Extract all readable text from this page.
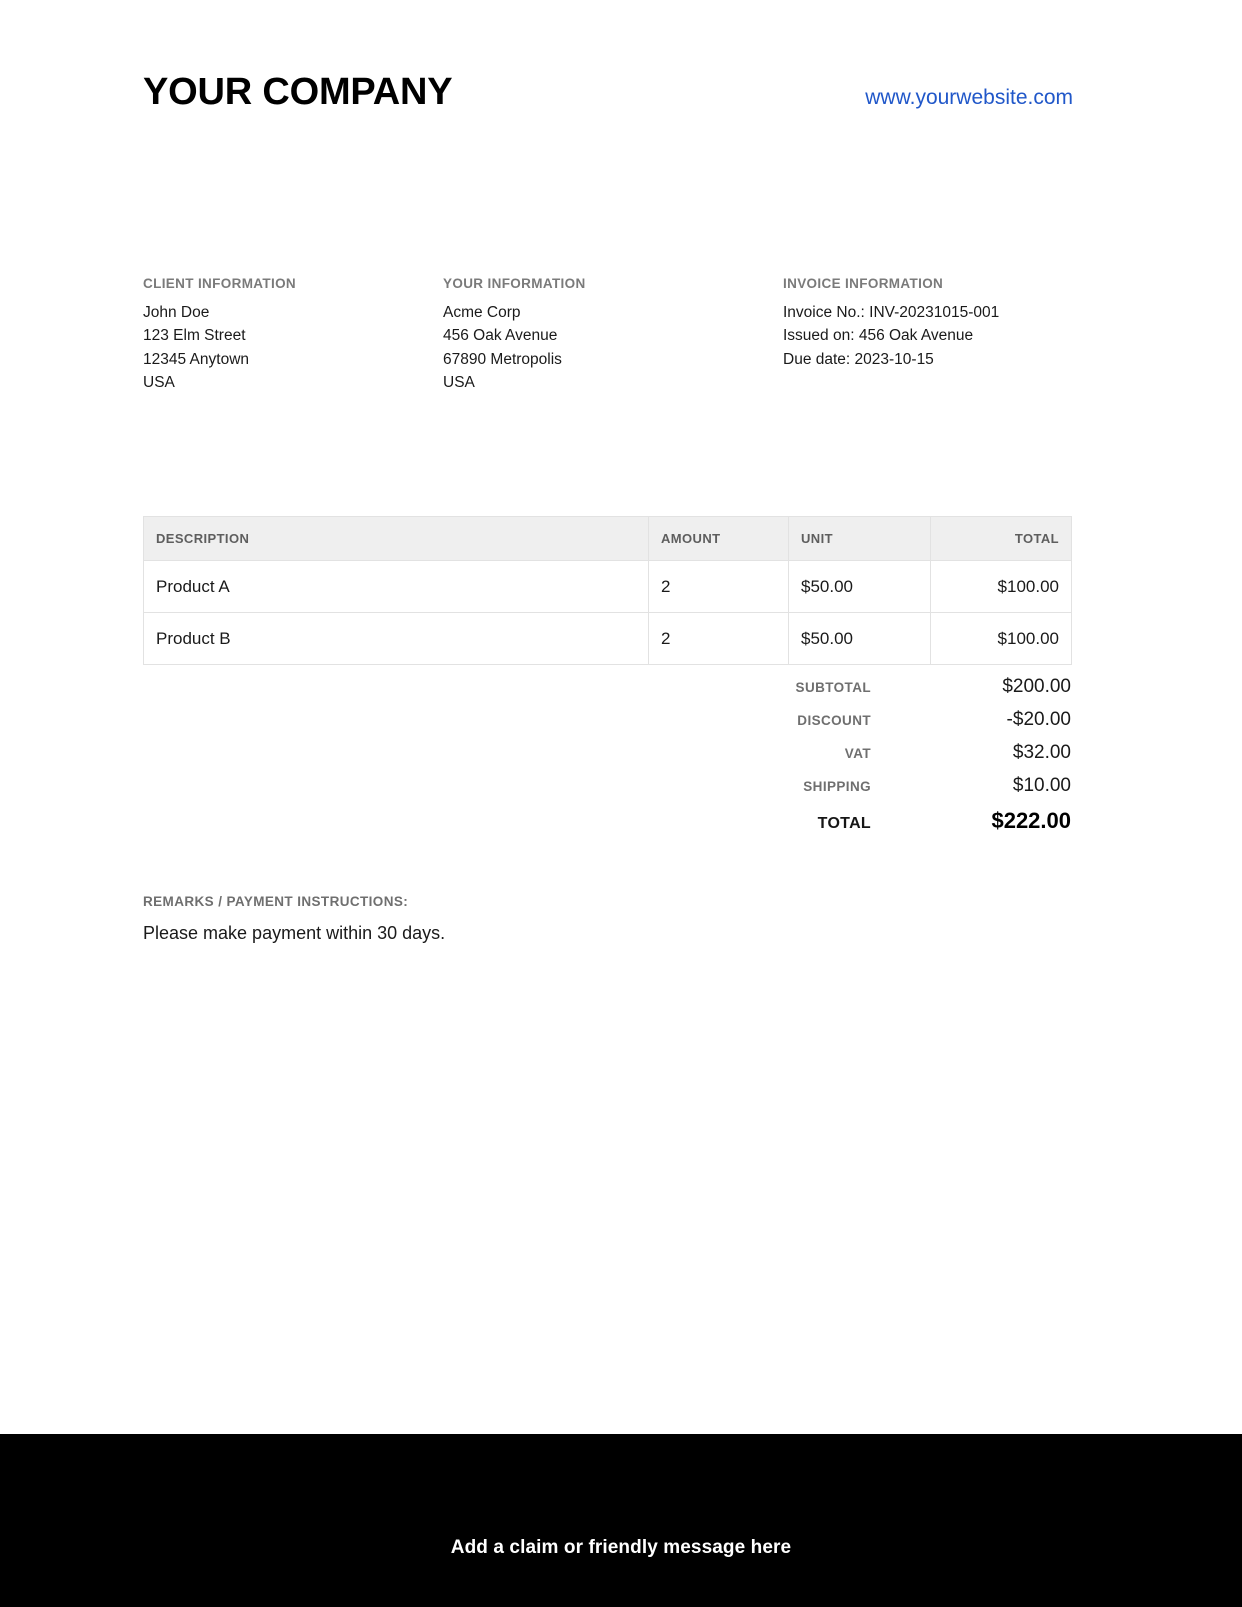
YOUR COMPANY	www.yourwebsite.com
CLIENT INFORMATION
John Doe
123 Elm Street
12345 Anytown
USA
YOUR INFORMATION
Acme Corp
456 Oak Avenue
67890 Metropolis
USA
INVOICE INFORMATION
Invoice No.: INV-20231015-001
Issued on: 456 Oak Avenue
Due date: 2023-10-15
DESCRIPTION	AMOUNT	UNIT	TOTAL
Product A	2	$50.00	$100.00
Product B	2	$50.00	$100.00
SUBTOTAL	$200.00
DISCOUNT	-$20.00
VAT	$32.00
SHIPPING	$10.00
TOTAL	$222.00
REMARKS / PAYMENT INSTRUCTIONS:

Please make payment within 30 days.

Add a claim or friendly message here
